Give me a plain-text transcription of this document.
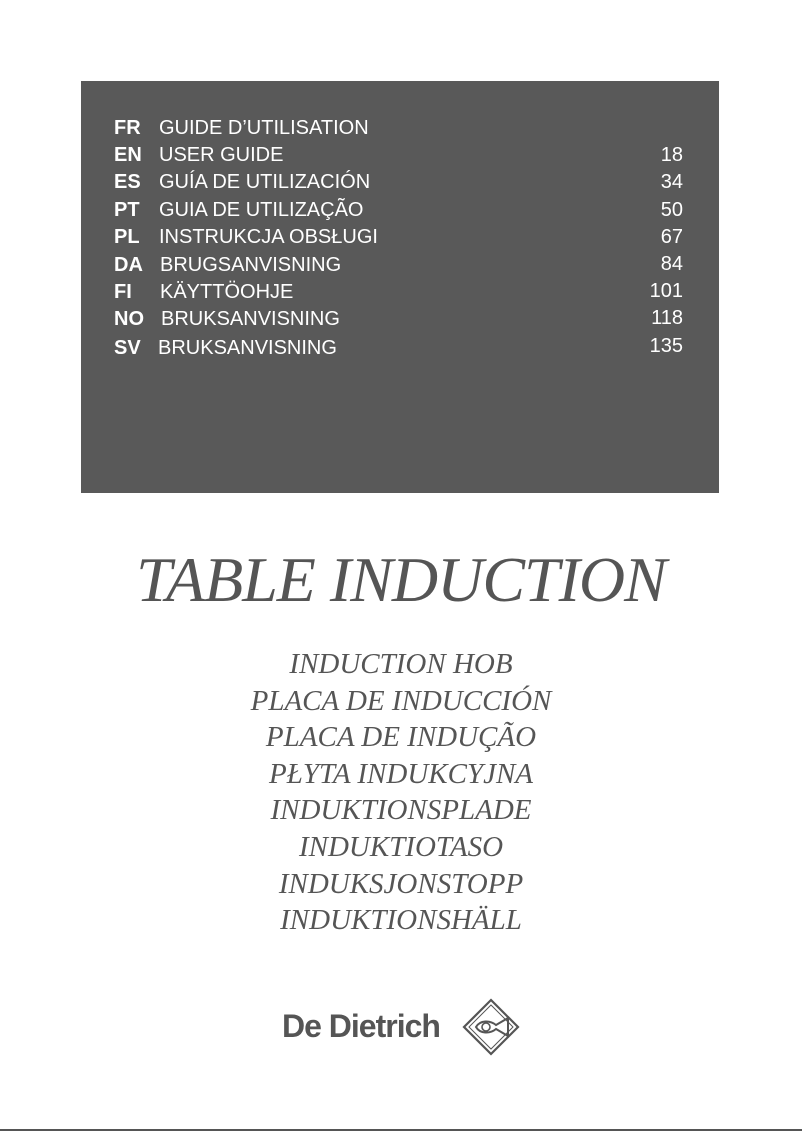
FR GUIDE D’UTILISATION
EN USER GUIDE
ES GUÍA DE UTILIZACIÓN
PT GUIA DE UTILIZAÇÃO
PL INSTRUKCJA OBSŁUGI
DA BRUGSANVISNING
FI KÄYTTÖOHJE
NO BRUKSANVISNING
SV BRUKSANVISNING
18
34
50
67
84
101
118
135
TABLE INDUCTION
INDUCTION HOB
PLACA DE INDUCCIÓN
PLACA DE INDUÇÃO
PŁYTA INDUKCYJNA
INDUKTIONSPLADE
INDUKTIOTASO
INDUKSJONSTOPP
INDUKTIONSHÄLL
De Dietrich
